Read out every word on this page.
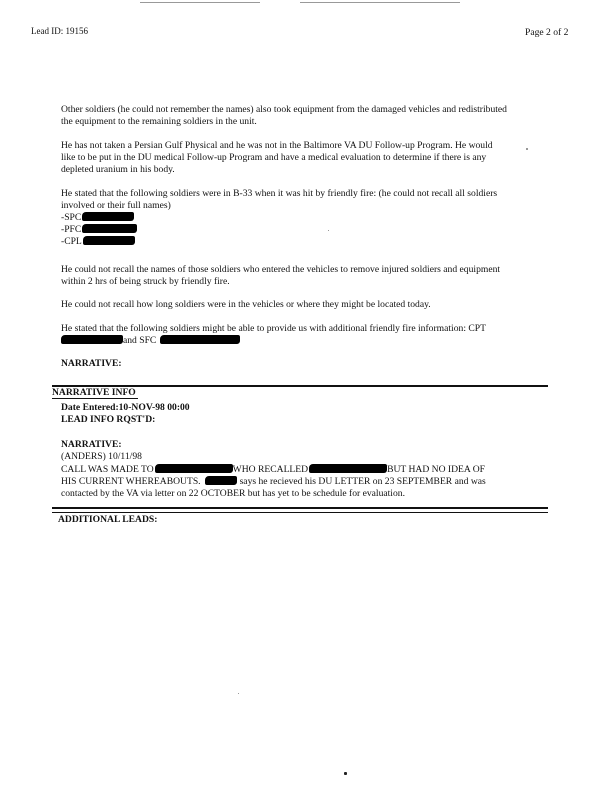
Lead ID: 19156	Page 2 of 2
Other soldiers (he could not remember the names) also took equipment from the damaged vehicles and redistributed
the equipment to the remaining soldiers in the unit.
He has not taken a Persian Gulf Physical and he was not in the Baltimore VA DU Follow-up Program. He would
like to be put in the DU medical Follow-up Program and have a medical evaluation to determine if there is any
depleted uranium in his body.
He stated that the following soldiers were in B-33 when it was hit by friendly fire: (he could not recall all soldiers
involved or their full names)
-SPC
-PFC
-CPL
He could not recall the names of those soldiers who entered the vehicles to remove injured soldiers and equipment
within 2 hrs of being struck by friendly fire.
He could not recall how long soldiers were in the vehicles or where they might be located today.
He stated that the following soldiers might be able to provide us with additional friendly fire information: CPT
and SFC
NARRATIVE:
NARRATIVE INFO
Date Entered:10-NOV-98 00:00
LEAD INFO RQST'D:
NARRATIVE:
(ANDERS) 10/11/98
CALL WAS MADE TO	WHO RECALLED	BUT HAD NO IDEA OF
HIS CURRENT WHEREABOUTS.	says he recieved his DU LETTER on 23 SEPTEMBER and was
contacted by the VA via letter on 22 OCTOBER but has yet to be schedule for evaluation.
ADDITIONAL LEADS:
